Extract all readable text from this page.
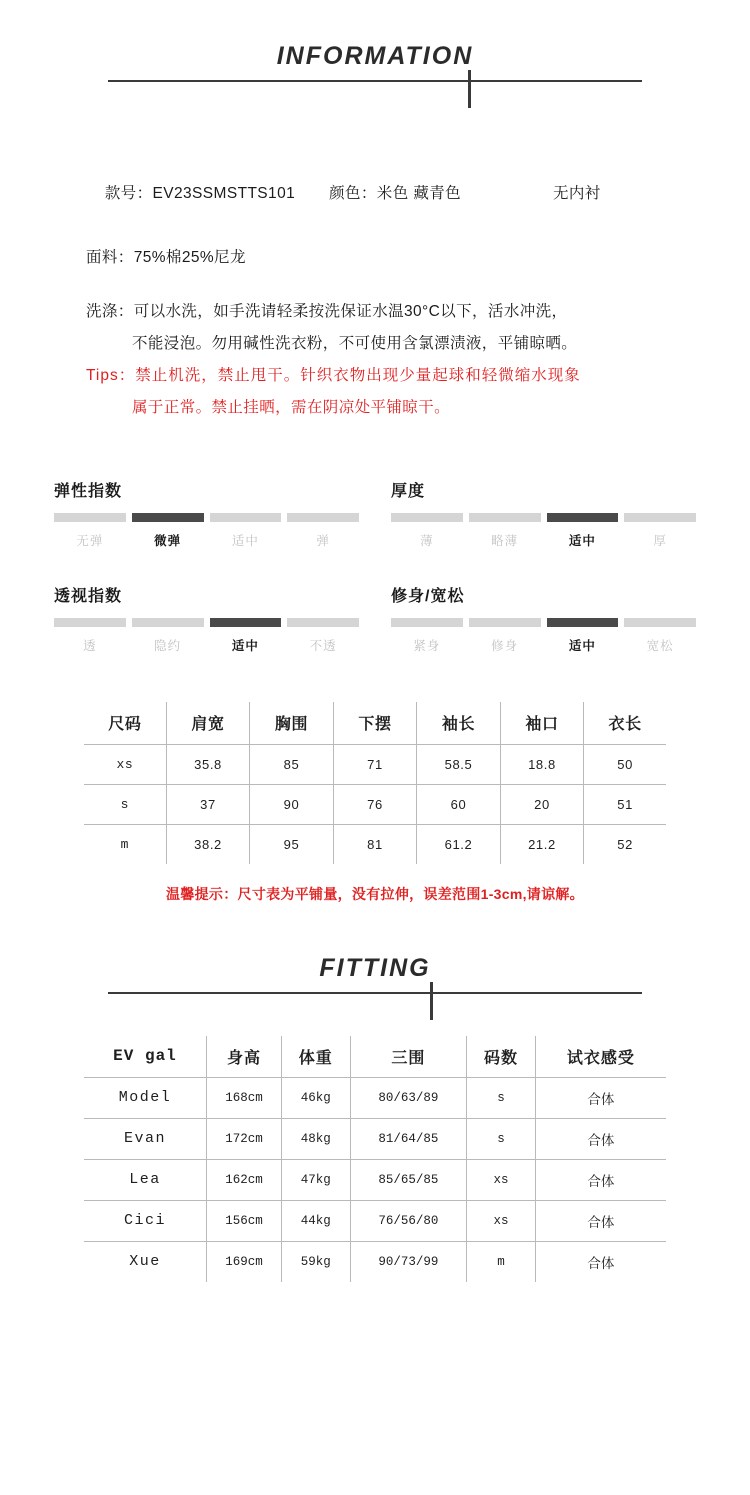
INFORMATION

款号：EV23SSMSTTS101 颜色：米色 藏青色	无内衬

面料：75%棉25%尼龙
洗涤：可以水洗，如手洗请轻柔按洗保证水温30°C以下，活水冲洗，
不能浸泡。勿用碱性洗衣粉，不可使用含氯漂渍液，平铺晾晒。
Tips：禁止机洗，禁止甩干。针织衣物出现少量起球和轻微缩水现象
属于正常。禁止挂晒，需在阴凉处平铺晾干。
弹性指数
无弹	微弹	适中	弹
厚度
薄	略薄	适中	厚
透视指数
透	隐约	适中	不透
修身/宽松
紧身	修身	适中	宽松
尺码	肩宽	胸围	下摆	袖长	袖口	衣长
xs	35.8	85	71	58.5	18.8	50
s	37	90	76	60	20	51
m	38.2	95	81	61.2	21.2	52
温馨提示：尺寸表为平铺量，没有拉伸，误差范围1-3cm,请谅解。
FITTING
EV gal	身高	体重	三围	码数	试衣感受
Model	168cm	46kg	80/63/89	s	合体
Evan	172cm	48kg	81/64/85	s	合体
Lea	162cm	47kg	85/65/85	xs	合体
Cici	156cm	44kg	76/56/80	xs	合体
Xue	169cm	59kg	90/73/99	m	合体
